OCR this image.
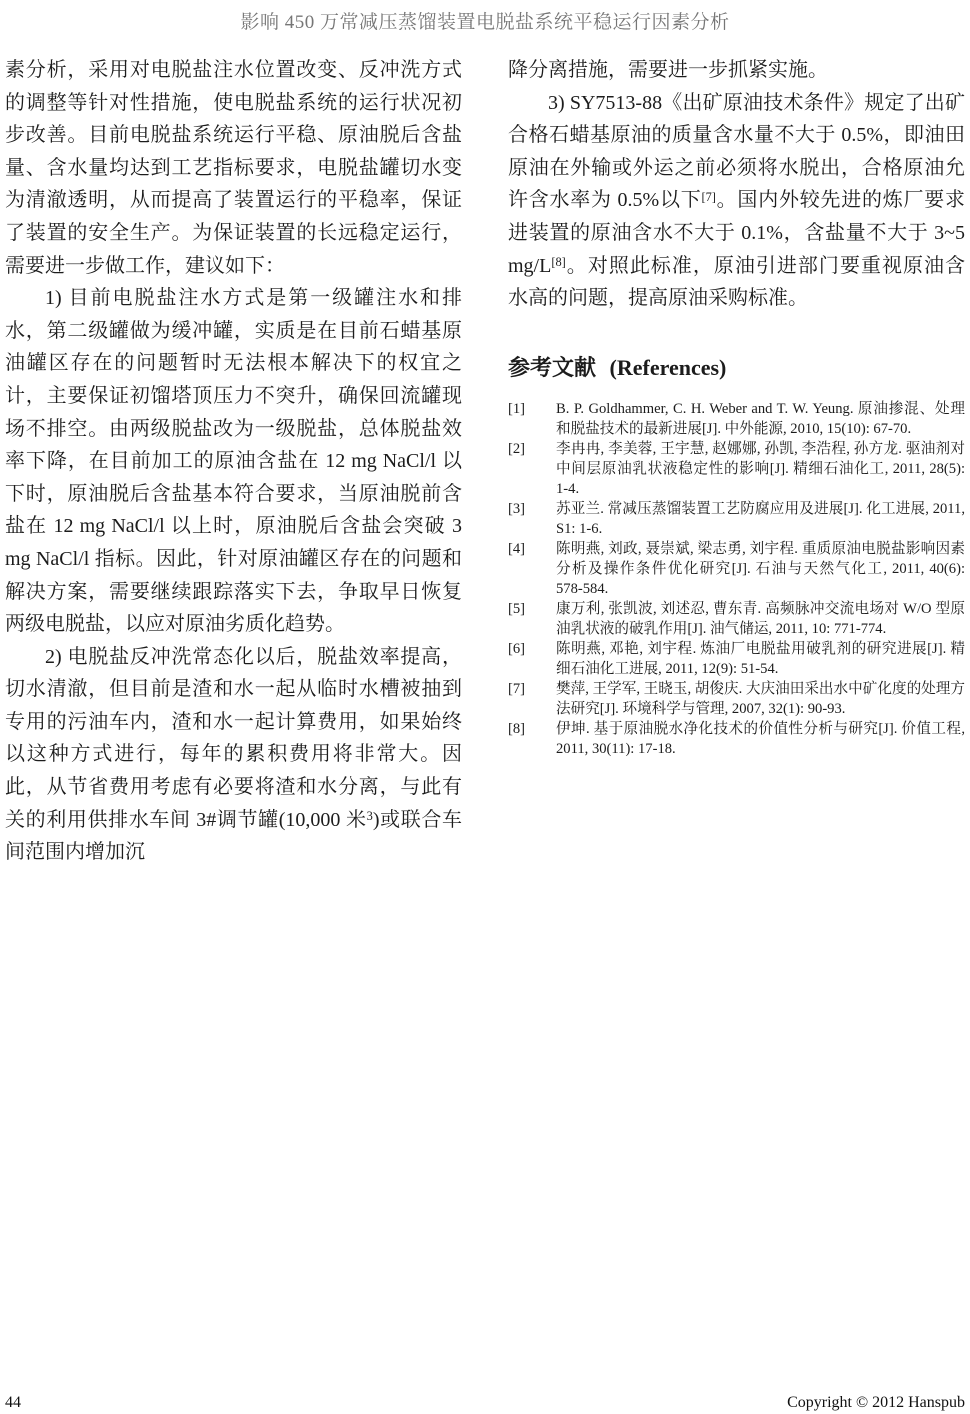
影响 450 万常减压蒸馏装置电脱盐系统平稳运行因素分析
素分析，采用对电脱盐注水位置改变、反冲洗方式的调整等针对性措施，使电脱盐系统的运行状况初步改善。目前电脱盐系统运行平稳、原油脱后含盐量、含水量均达到工艺指标要求，电脱盐罐切水变为清澈透明，从而提高了装置运行的平稳率，保证了装置的安全生产。为保证装置的长远稳定运行，需要进一步做工作，建议如下：
1) 目前电脱盐注水方式是第一级罐注水和排水，第二级罐做为缓冲罐，实质是在目前石蜡基原油罐区存在的问题暂时无法根本解决下的权宜之计，主要保证初馏塔顶压力不突升，确保回流罐现场不排空。由两级脱盐改为一级脱盐，总体脱盐效率下降，在目前加工的原油含盐在 12 mg NaCl/l 以下时，原油脱后含盐基本符合要求，当原油脱前含盐在 12 mg NaCl/l 以上时，原油脱后含盐会突破 3 mg NaCl/l 指标。因此，针对原油罐区存在的问题和解决方案，需要继续跟踪落实下去，争取早日恢复两级电脱盐，以应对原油劣质化趋势。
2) 电脱盐反冲洗常态化以后，脱盐效率提高，切水清澈，但目前是渣和水一起从临时水槽被抽到专用的污油车内，渣和水一起计算费用，如果始终以这种方式进行，每年的累积费用将非常大。因此，从节省费用考虑有必要将渣和水分离，与此有关的利用供排水车间 3#调节罐(10,000 米$^3$)或联合车间范围内增加沉
降分离措施，需要进一步抓紧实施。
3) SY7513-88《出矿原油技术条件》规定了出矿合格石蜡基原油的质量含水量不大于 0.5%，即油田原油在外输或外运之前必须将水脱出，合格原油允许含水率为 0.5%以下[7]。国内外较先进的炼厂要求进装置的原油含水不大于 0.1%，含盐量不大于 3~5 mg/L[8]。对照此标准，原油引进部门要重视原油含水高的问题，提高原油采购标准。
参考文献 (References)
[1] B. P. Goldhammer, C. H. Weber and T. W. Yeung. 原油掺混、处理和脱盐技术的最新进展[J]. 中外能源, 2010, 15(10): 67-70.
[2] 李冉冉, 李美蓉, 王宇慧, 赵娜娜, 孙凯, 李浩程, 孙方龙. 驱油剂对中间层原油乳状液稳定性的影响[J]. 精细石油化工, 2011, 28(5): 1-4.
[3] 苏亚兰. 常减压蒸馏装置工艺防腐应用及进展[J]. 化工进展, 2011, S1: 1-6.
[4] 陈明燕, 刘政, 聂崇斌, 梁志勇, 刘宇程. 重质原油电脱盐影响因素分析及操作条件优化研究[J]. 石油与天然气化工, 2011, 40(6): 578-584.
[5] 康万利, 张凯波, 刘述忍, 曹东青. 高频脉冲交流电场对 W/O 型原油乳状液的破乳作用[J]. 油气储运, 2011, 10: 771-774.
[6] 陈明燕, 邓艳, 刘宇程. 炼油厂电脱盐用破乳剂的研究进展[J]. 精细石油化工进展, 2011, 12(9): 51-54.
[7] 樊萍, 王学军, 王晓玉, 胡俊庆. 大庆油田采出水中矿化度的处理方法研究[J]. 环境科学与管理, 2007, 32(1): 90-93.
[8] 伊坤. 基于原油脱水净化技术的价值性分析与研究[J]. 价值工程, 2011, 30(11): 17-18.
44	Copyright © 2012 Hanspub
